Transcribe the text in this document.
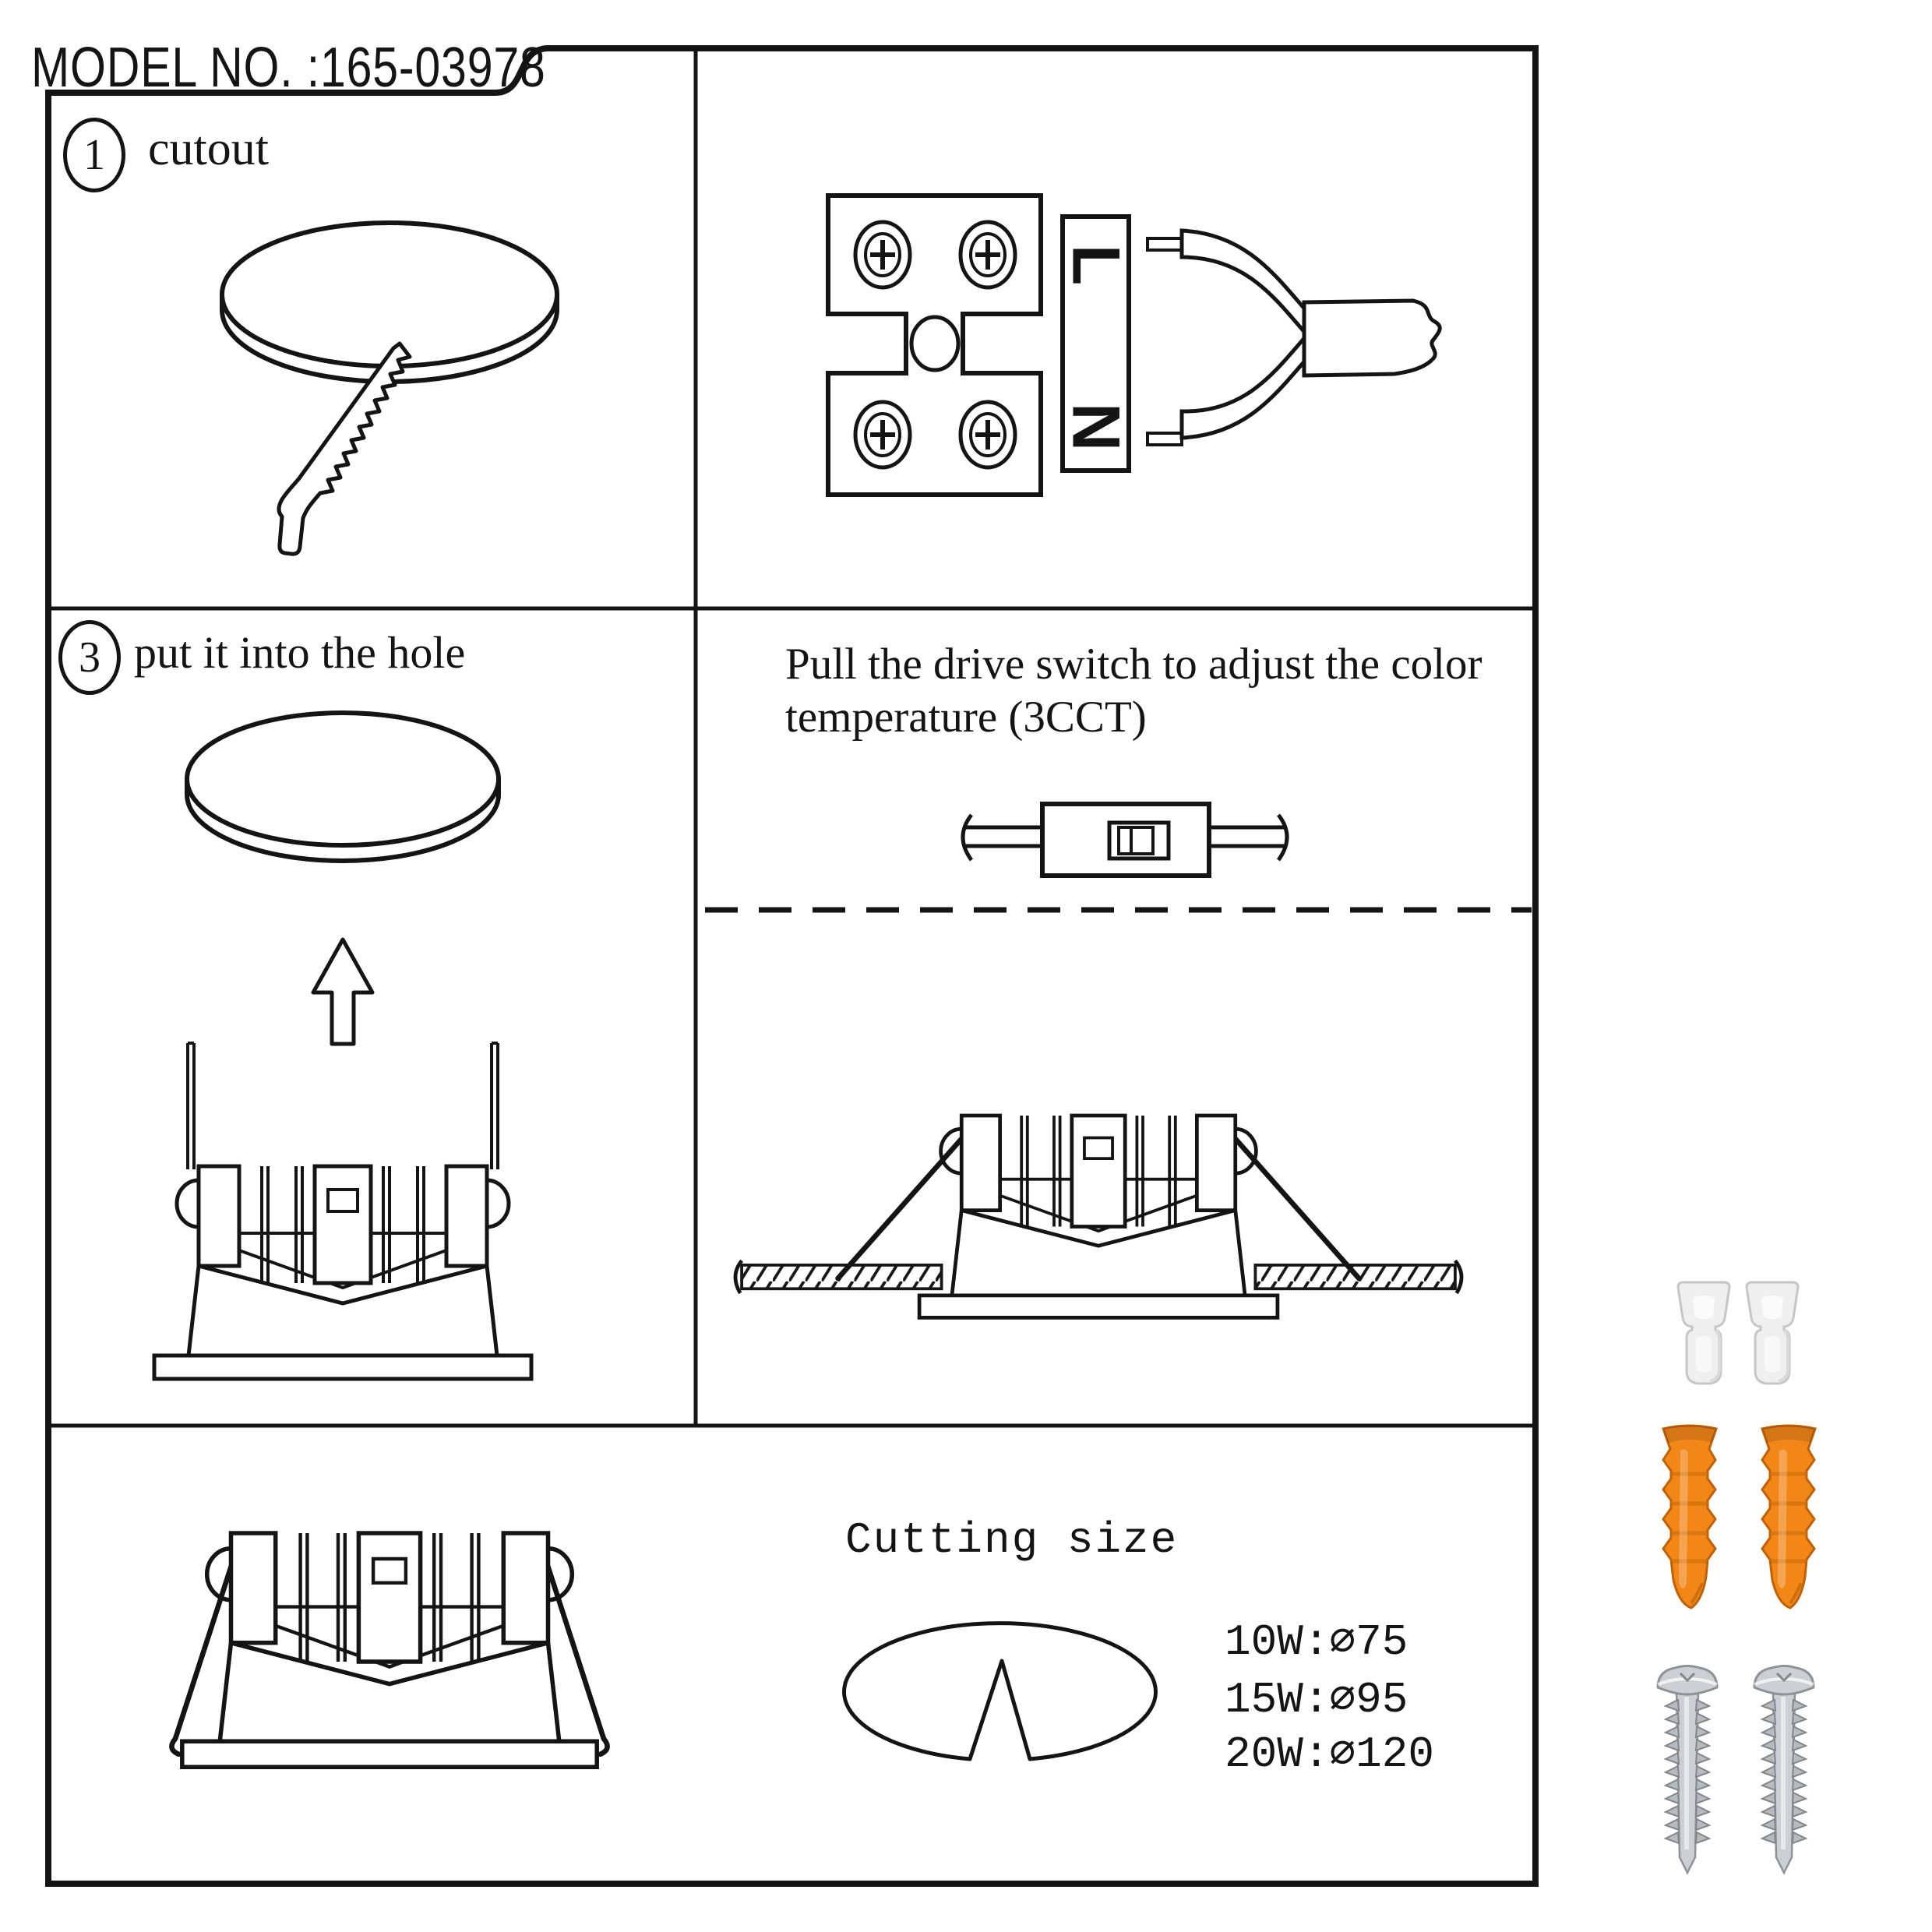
MODEL NO. :165-03978
1 cutout
3 put it into the hole
L
N
Pull the drive switch to adjust the color
temperature (3CCT)
Cutting size
10W:∅75
15W:∅95
20W:∅120
